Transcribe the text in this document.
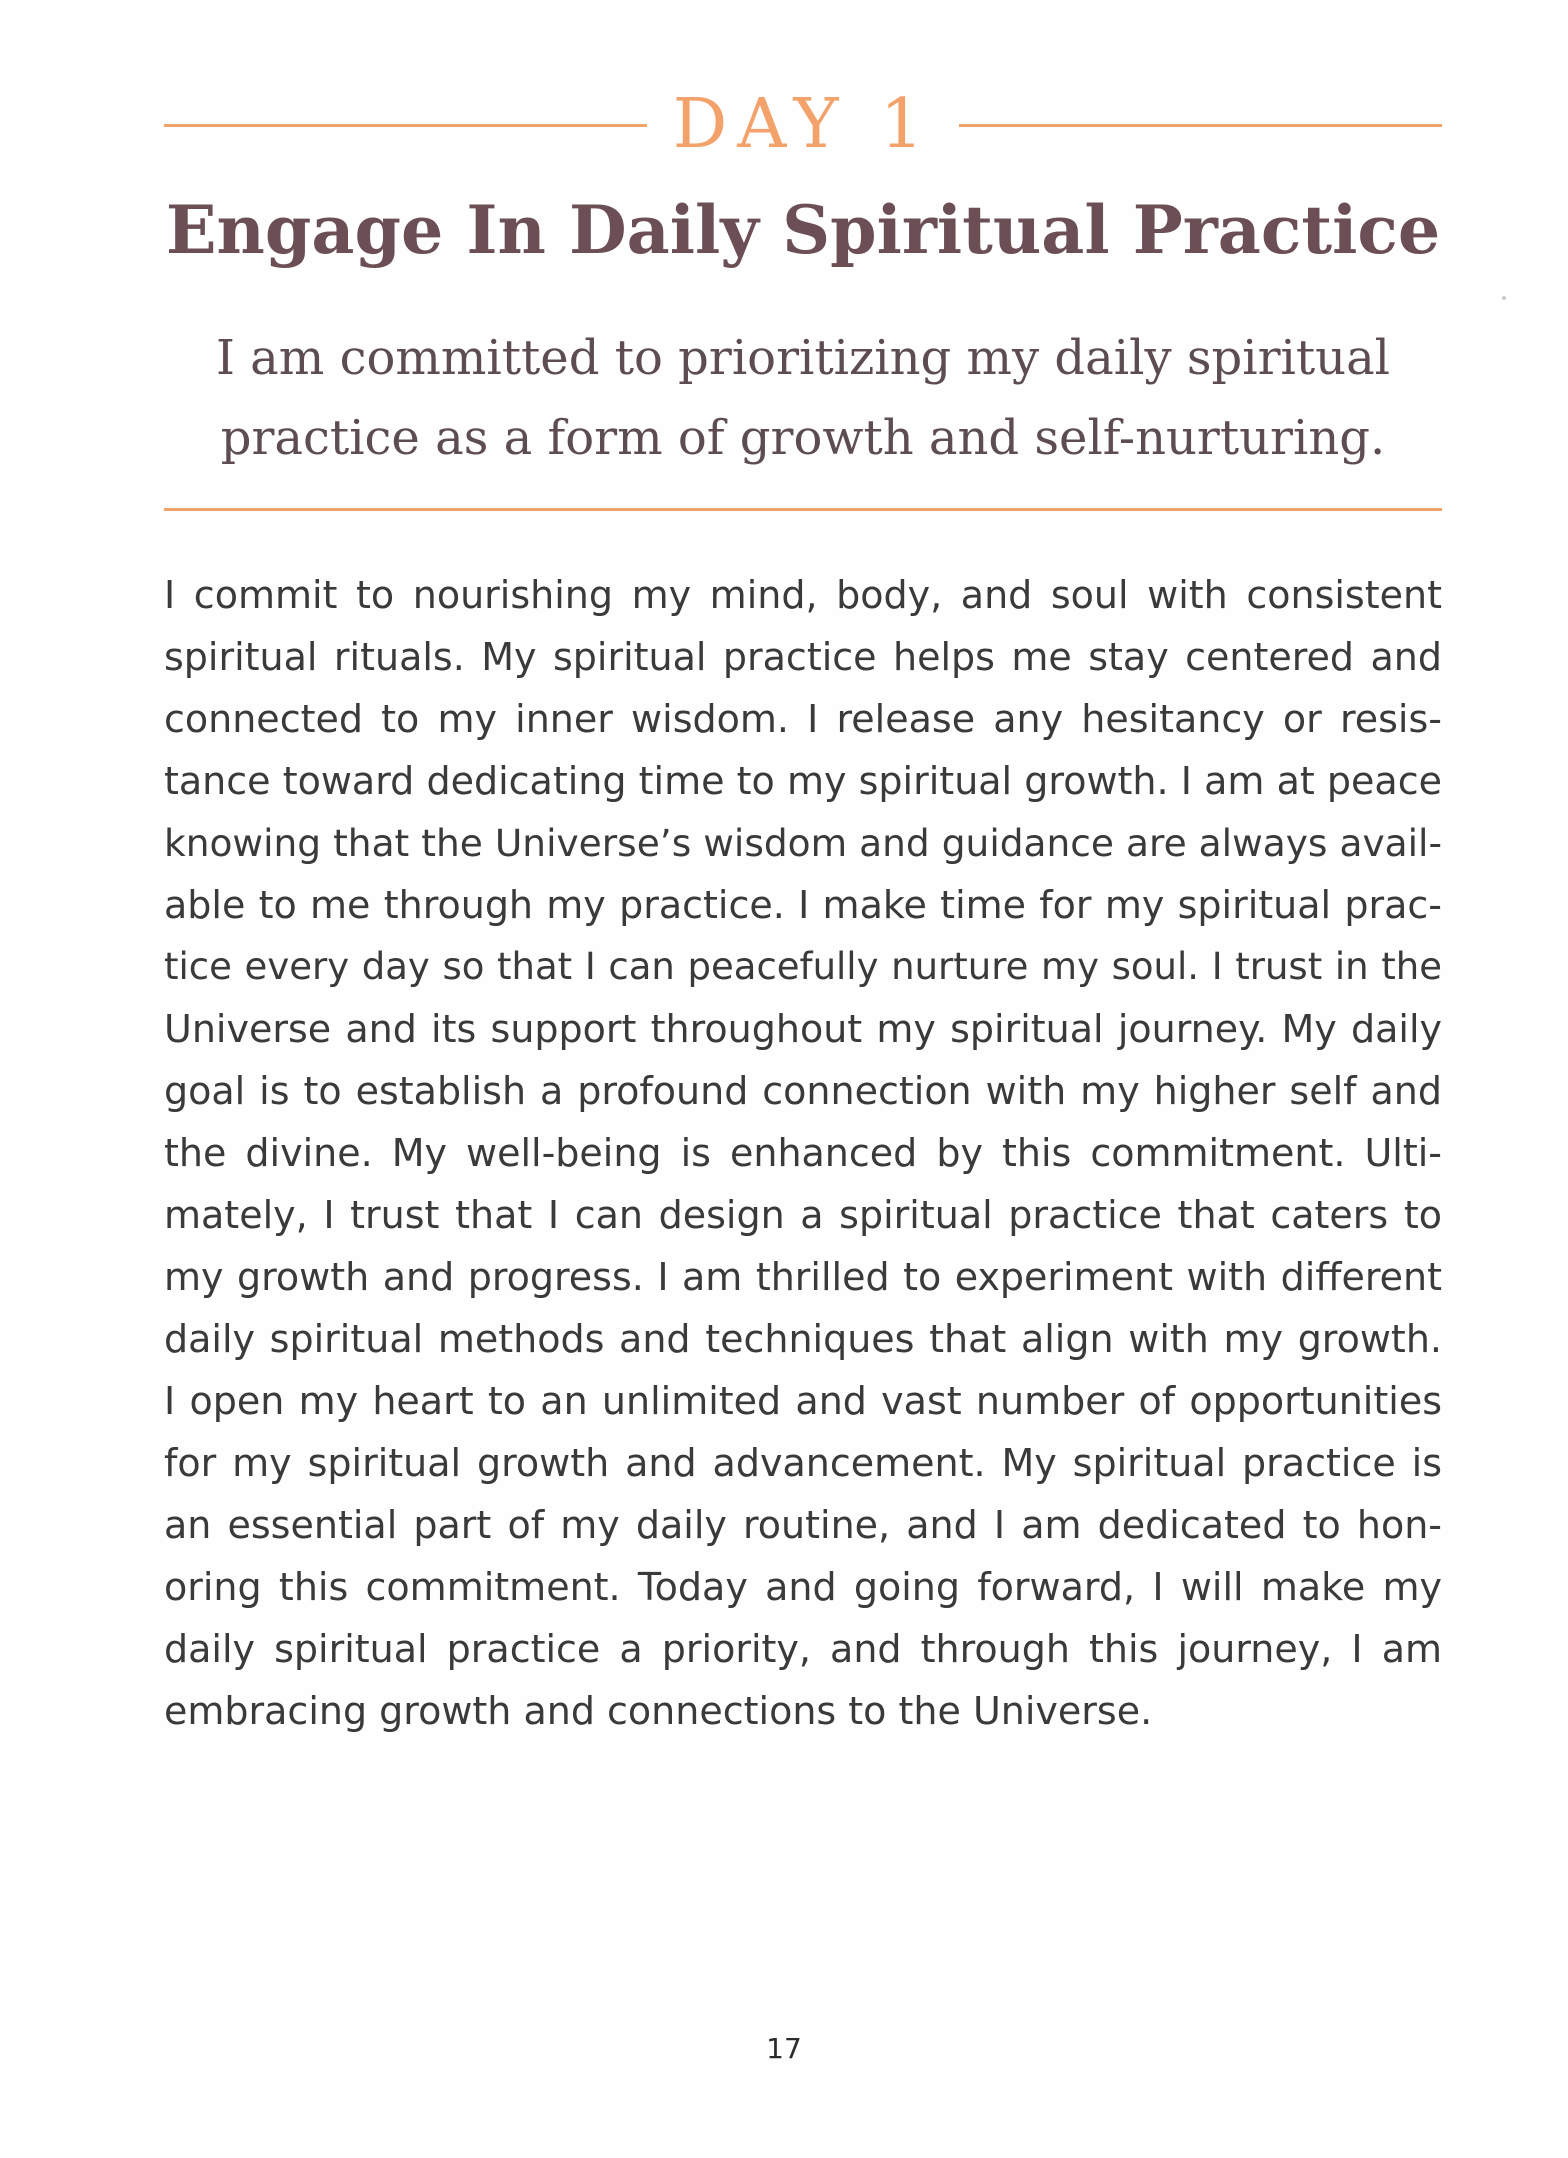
DAY 1
Engage In Daily Spiritual Practice
I am committed to prioritizing my daily spiritual
practice as a form of growth and self-nurturing.
I commit to nourishing my mind, body, and soul with consistent
spiritual rituals. My spiritual practice helps me stay centered and
connected to my inner wisdom. I release any hesitancy or resis-
tance toward dedicating time to my spiritual growth. I am at peace
knowing that the Universe’s wisdom and guidance are always avail-
able to me through my practice. I make time for my spiritual prac-
tice every day so that I can peacefully nurture my soul. I trust in the
Universe and its support throughout my spiritual journey. My daily
goal is to establish a profound connection with my higher self and
the divine. My well-being is enhanced by this commitment. Ulti-
mately, I trust that I can design a spiritual practice that caters to
my growth and progress. I am thrilled to experiment with different
daily spiritual methods and techniques that align with my growth.
I open my heart to an unlimited and vast number of opportunities
for my spiritual growth and advancement. My spiritual practice is
an essential part of my daily routine, and I am dedicated to hon-
oring this commitment. Today and going forward, I will make my
daily spiritual practice a priority, and through this journey, I am
embracing growth and connections to the Universe.
17
